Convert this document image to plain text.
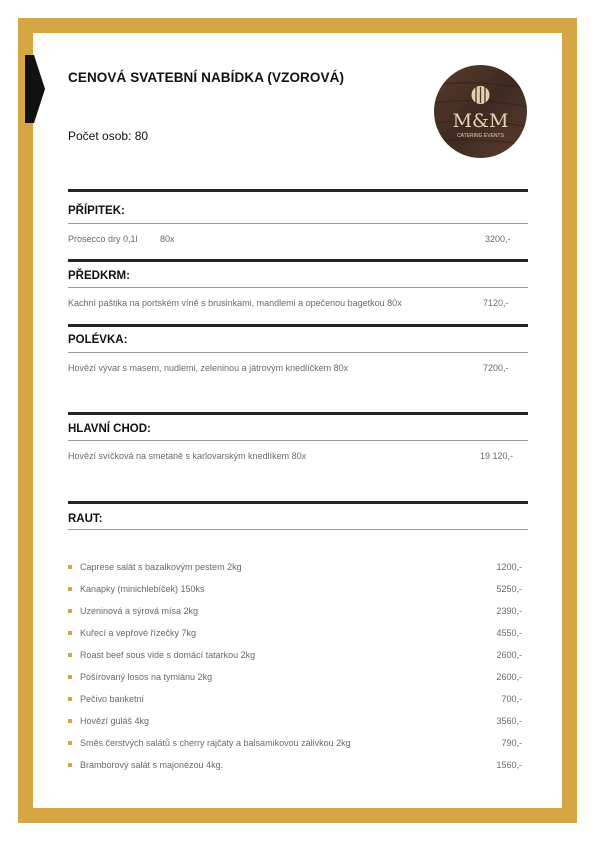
CENOVÁ SVATEBNÍ NABÍDKA (VZOROVÁ)
Počet osob: 80
M&M
CATERING EVENTS
PŘÍPITEK:
Prosecco dry 0,1l 80x	3200,-
PŘEDKRM:
Kachní paštika na portském víně s brusinkami, mandlemi a opečenou bagetkou 80x	7120,-
POLÉVKA:
Hovězí vývar s masem, nudlemi, zeleninou a játrovým knedlíčkem 80x	7200,-
HLAVNÍ CHOD:
Hovězí svíčková na smetaně s karlovarským knedlíkem 80x	19 120,-
RAUT:
Caprese salát s bazalkovým pestem 2kg	1200,-
Kanapky (minichlebíček) 150ks	5250,-
Uzeninová a sýrová mísa 2kg	2390,-
Kuřecí a vepřové řízečky 7kg	4550,-
Roast beef sous vide s domácí tatarkou 2kg	2600,-
Pošírovaný losos na tymiánu 2kg	2600,-
Pečivo banketní	700,-
Hovězí guláš 4kg	3560,-
Směs čerstvých salátů s cherry rajčaty a balsamikovou zálivkou 2kg	790,-
Bramborový salát s majonézou 4kg.	1560,-
